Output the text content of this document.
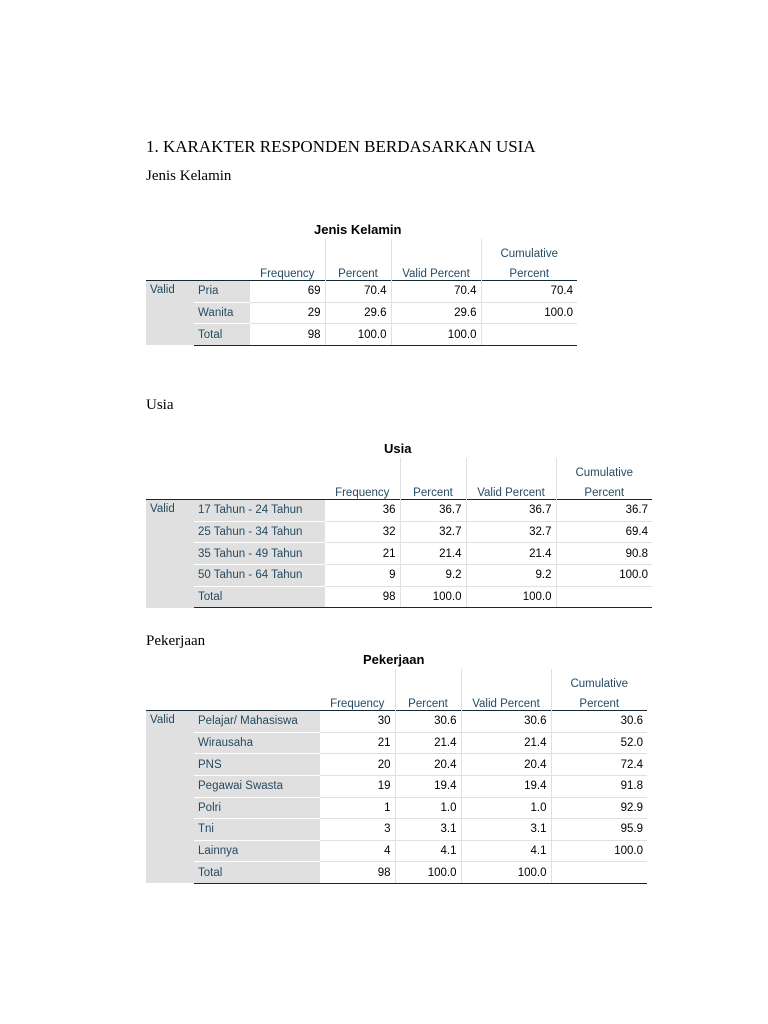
1. KARAKTER RESPONDEN BERDASARKAN USIA
Jenis Kelamin
Jenis Kelamin
					Cumulative
		Frequency	Percent	Valid Percent	Percent
Valid	Pria	69	70.4	70.4	70.4
	Wanita	29	29.6	29.6	100.0
	Total	98	100.0	100.0	
Usia
Usia
					Cumulative
		Frequency	Percent	Valid Percent	Percent
Valid	17 Tahun - 24 Tahun	36	36.7	36.7	36.7
	25 Tahun - 34 Tahun	32	32.7	32.7	69.4
	35 Tahun - 49 Tahun	21	21.4	21.4	90.8
	50 Tahun - 64 Tahun	9	9.2	9.2	100.0
	Total	98	100.0	100.0	
Pekerjaan
Pekerjaan
					Cumulative
		Frequency	Percent	Valid Percent	Percent
Valid	Pelajar/ Mahasiswa	30	30.6	30.6	30.6
	Wirausaha	21	21.4	21.4	52.0
	PNS	20	20.4	20.4	72.4
	Pegawai Swasta	19	19.4	19.4	91.8
	Polri	1	1.0	1.0	92.9
	Tni	3	3.1	3.1	95.9
	Lainnya	4	4.1	4.1	100.0
	Total	98	100.0	100.0	
